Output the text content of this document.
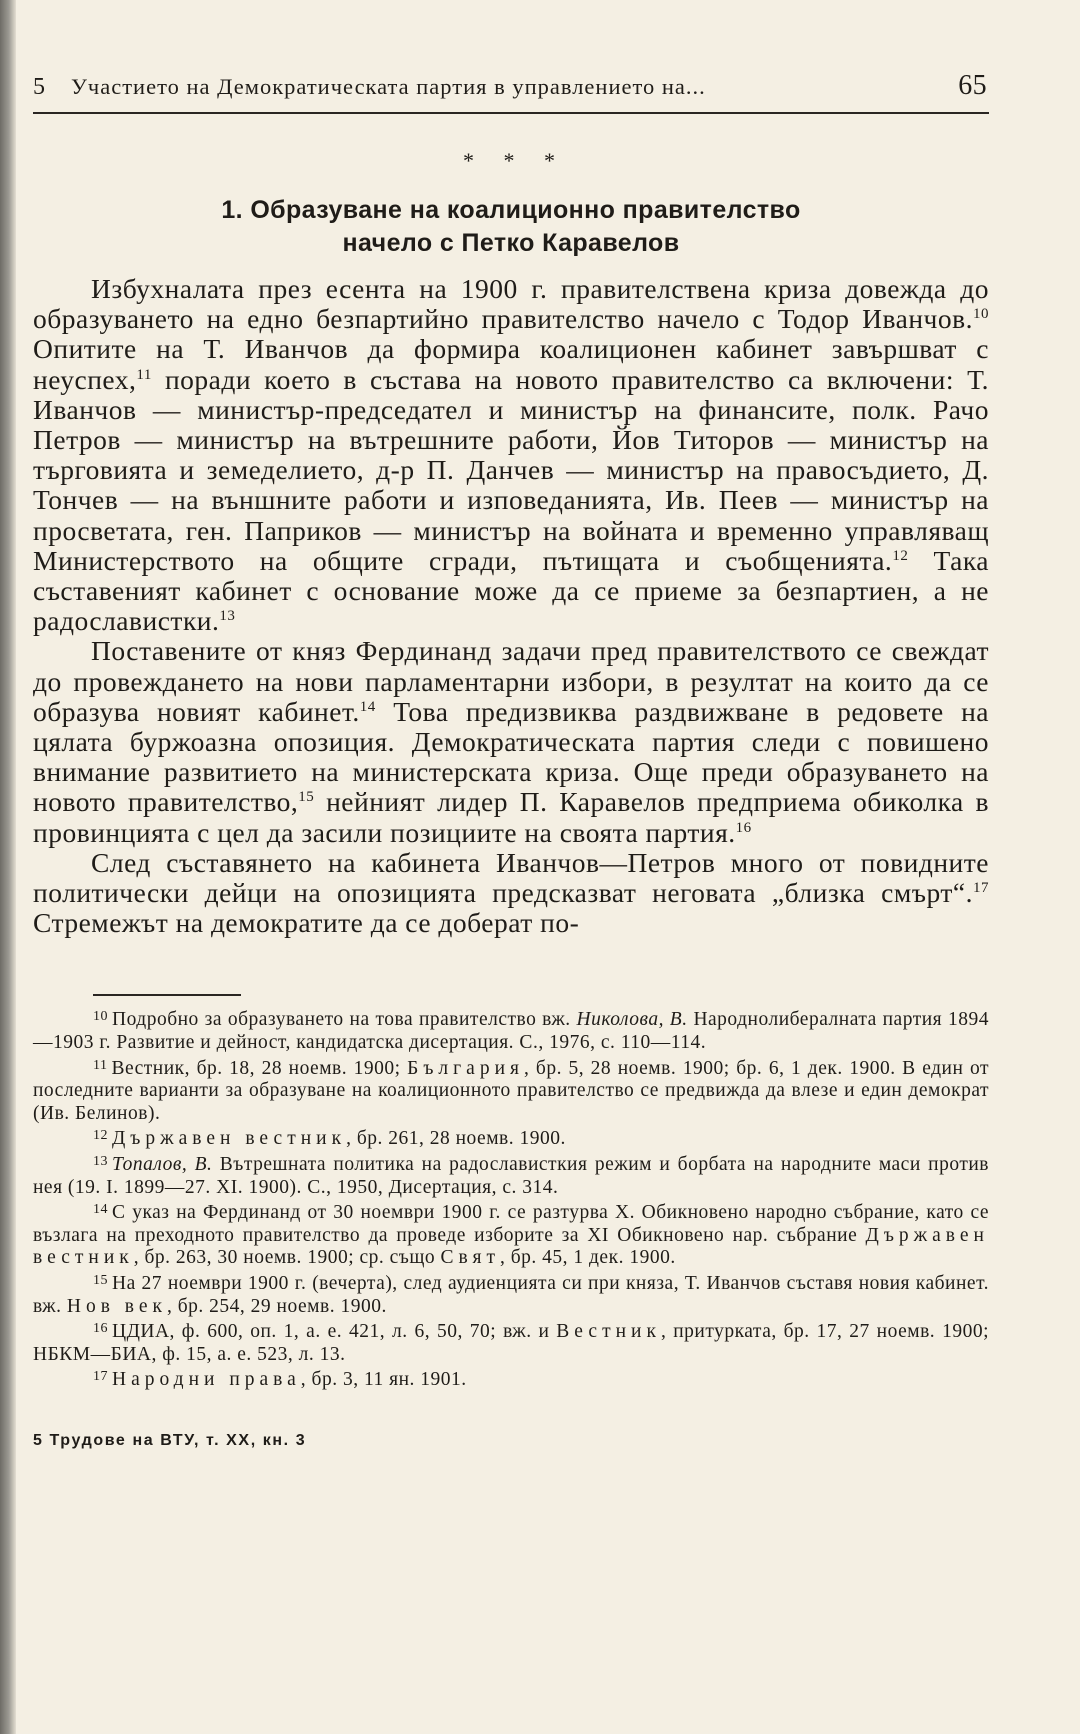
5	Участието на Демократическата партия в управлението на...	65
* * *
1. Образуване на коалиционно правителство
начело с Петко Каравелов

Избухналата през есента на 1900 г. правителствена криза довежда до образуването на едно безпартийно правителство начело с Тодор Иванчов.$^{10}$ Опитите на Т. Иванчов да формира коалиционен кабинет завършват с неуспех,$^{11}$ поради което в състава на новото правителство са включени: Т. Иванчов — министър-председател и министър на финансите, полк. Рачо Петров — министър на вътрешните работи, Йов Титоров — министър на търговията и земеделието, д-р П. Данчев — министър на правосъдието, Д. Тончев — на външните работи и изповеданията, Ив. Пеев — министър на просветата, ген. Паприков — министър на войната и временно управляващ Министерството на общите сгради, пътищата и съобщенията.$^{12}$ Така съставеният кабинет с основание може да се приеме за безпартиен, а не радославистки.$^{13}$

Поставените от княз Фердинанд задачи пред правителството се свеждат до провеждането на нови парламентарни избори, в резултат на които да се образува новият кабинет.$^{14}$ Това предизвиква раздвижване в редовете на цялата буржоазна опозиция. Демократическата партия следи с повишено внимание развитието на министерската криза. Още преди образуването на новото правителство,$^{15}$ нейният лидер П. Каравелов предприема обиколка в провинцията с цел да засили позициите на своята партия.$^{16}$

След съставянето на кабинета Иванчов—Петров много от повидните политически дейци на опозицията предсказват неговата „близка смърт“.$^{17}$ Стремежът на демократите да се доберат по-

$^{10}$ Подробно за образуването на това правителство вж. Николова, В. Народнолибералната партия 1894—1903 г. Развитие и дейност, кандидатска дисертация. С., 1976, с. 110—114.

$^{11}$ Вестник, бр. 18, 28 ноемв. 1900; България, бр. 5, 28 ноемв. 1900; бр. 6, 1 дек. 1900. В един от последните варианти за образуване на коалиционното правителство се предвижда да влезе и един демократ (Ив. Белинов).

$^{12}$ Държавен вестник, бр. 261, 28 ноемв. 1900.

$^{13}$ Топалов, В. Вътрешната политика на радослависткия режим и борбата на народните маси против нея (19. I. 1899—27. XI. 1900). С., 1950, Дисертация, с. 314.

$^{14}$ С указ на Фердинанд от 30 ноември 1900 г. се разтурва X. Обикновено народно събрание, като се възлага на преходното правителство да проведе изборите за XI Обикновено нар. събрание Държавен вестник, бр. 263, 30 ноемв. 1900; ср. също Свят, бр. 45, 1 дек. 1900.

$^{15}$ На 27 ноември 1900 г. (вечерта), след аудиенцията си при княза, Т. Иванчов съставя новия кабинет. вж. Нов век, бр. 254, 29 ноемв. 1900.

$^{16}$ ЦДИА, ф. 600, оп. 1, а. е. 421, л. 6, 50, 70; вж. и Вестник, притурката, бр. 17, 27 ноемв. 1900; НБКМ—БИА, ф. 15, а. е. 523, л. 13.

$^{17}$ Народни права, бр. 3, 11 ян. 1901.

5 Трудове на ВТУ, т. XX, кн. 3
